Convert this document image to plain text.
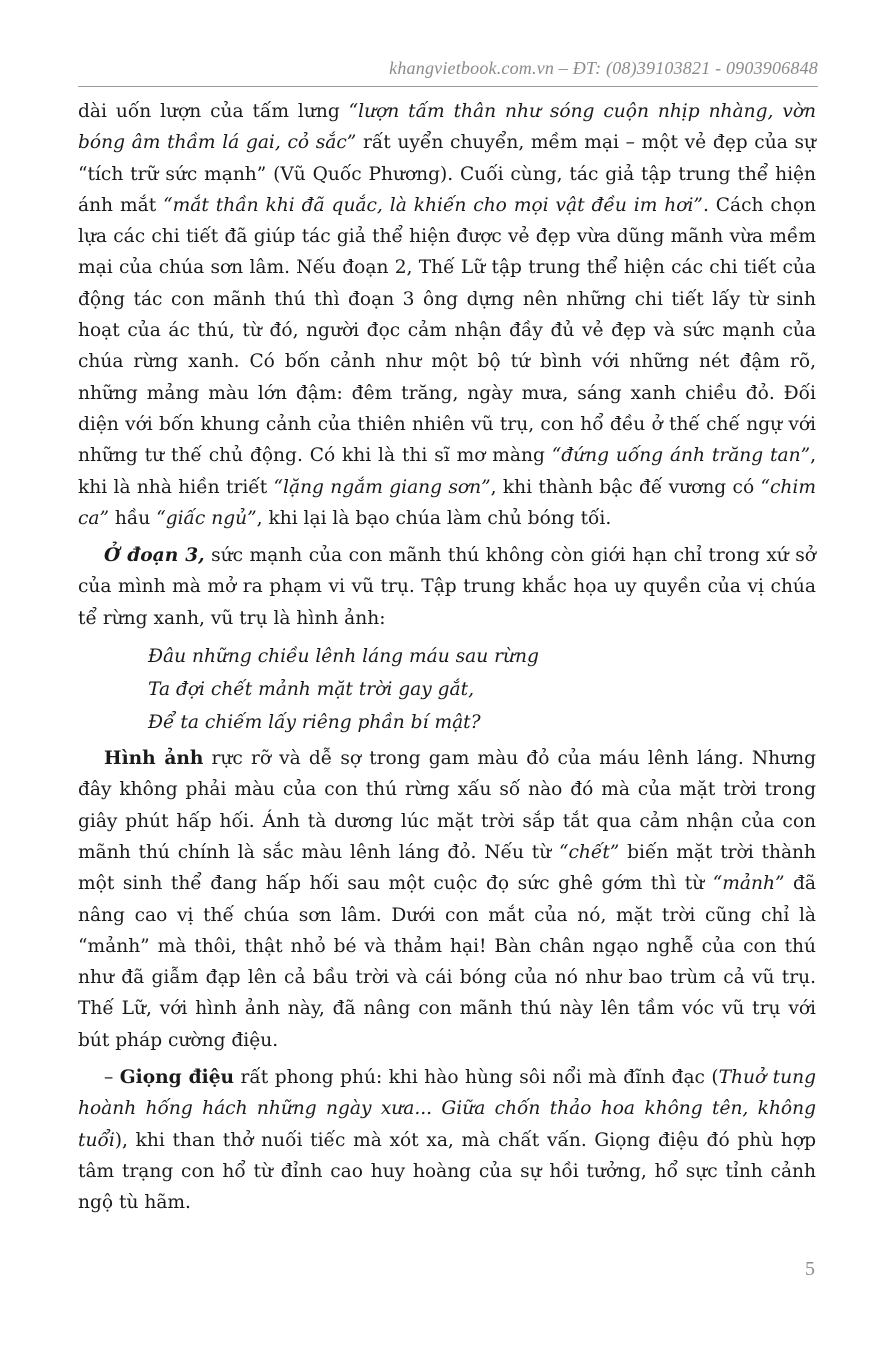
khangvietbook.com.vn – ĐT: (08)39103821 - 0903906848

dài uốn lượn của tấm lưng “lượn tấm thân như sóng cuộn nhịp nhàng, vờn bóng âm thầm lá gai, cỏ sắc” rất uyển chuyển, mềm mại – một vẻ đẹp của sự “tích trữ sức mạnh” (Vũ Quốc Phương). Cuối cùng, tác giả tập trung thể hiện ánh mắt “mắt thần khi đã quắc, là khiến cho mọi vật đều im hơi”. Cách chọn lựa các chi tiết đã giúp tác giả thể hiện được vẻ đẹp vừa dũng mãnh vừa mềm mại của chúa sơn lâm. Nếu đoạn 2, Thế Lữ tập trung thể hiện các chi tiết của động tác con mãnh thú thì đoạn 3 ông dựng nên những chi tiết lấy từ sinh hoạt của ác thú, từ đó, người đọc cảm nhận đầy đủ vẻ đẹp và sức mạnh của chúa rừng xanh. Có bốn cảnh như một bộ tứ bình với những nét đậm rõ, những mảng màu lớn đậm: đêm trăng, ngày mưa, sáng xanh chiều đỏ. Đối diện với bốn khung cảnh của thiên nhiên vũ trụ, con hổ đều ở thế chế ngự với những tư thế chủ động. Có khi là thi sĩ mơ màng “đứng uống ánh trăng tan”, khi là nhà hiền triết “lặng ngắm giang sơn”, khi thành bậc đế vương có “chim ca” hầu “giấc ngủ”, khi lại là bạo chúa làm chủ bóng tối.

Ở đoạn 3, sức mạnh của con mãnh thú không còn giới hạn chỉ trong xứ sở của mình mà mở ra phạm vi vũ trụ. Tập trung khắc họa uy quyền của vị chúa tể rừng xanh, vũ trụ là hình ảnh:

Đâu những chiều lênh láng máu sau rừng
Ta đợi chết mảnh mặt trời gay gắt,
Để ta chiếm lấy riêng phần bí mật?

Hình ảnh rực rỡ và dễ sợ trong gam màu đỏ của máu lênh láng. Nhưng đây không phải màu của con thú rừng xấu số nào đó mà của mặt trời trong giây phút hấp hối. Ánh tà dương lúc mặt trời sắp tắt qua cảm nhận của con mãnh thú chính là sắc màu lênh láng đỏ. Nếu từ “chết” biến mặt trời thành một sinh thể đang hấp hối sau một cuộc đọ sức ghê gớm thì từ “mảnh” đã nâng cao vị thế chúa sơn lâm. Dưới con mắt của nó, mặt trời cũng chỉ là “mảnh” mà thôi, thật nhỏ bé và thảm hại! Bàn chân ngạo nghễ của con thú như đã giẫm đạp lên cả bầu trời và cái bóng của nó như bao trùm cả vũ trụ. Thế Lữ, với hình ảnh này, đã nâng con mãnh thú này lên tầm vóc vũ trụ với bút pháp cường điệu.

– Giọng điệu rất phong phú: khi hào hùng sôi nổi mà đĩnh đạc (Thuở tung hoành hống hách những ngày xưa... Giữa chốn thảo hoa không tên, không tuổi), khi than thở nuối tiếc mà xót xa, mà chất vấn. Giọng điệu đó phù hợp tâm trạng con hổ từ đỉnh cao huy hoàng của sự hồi tưởng, hổ sực tỉnh cảnh ngộ tù hãm.

5
